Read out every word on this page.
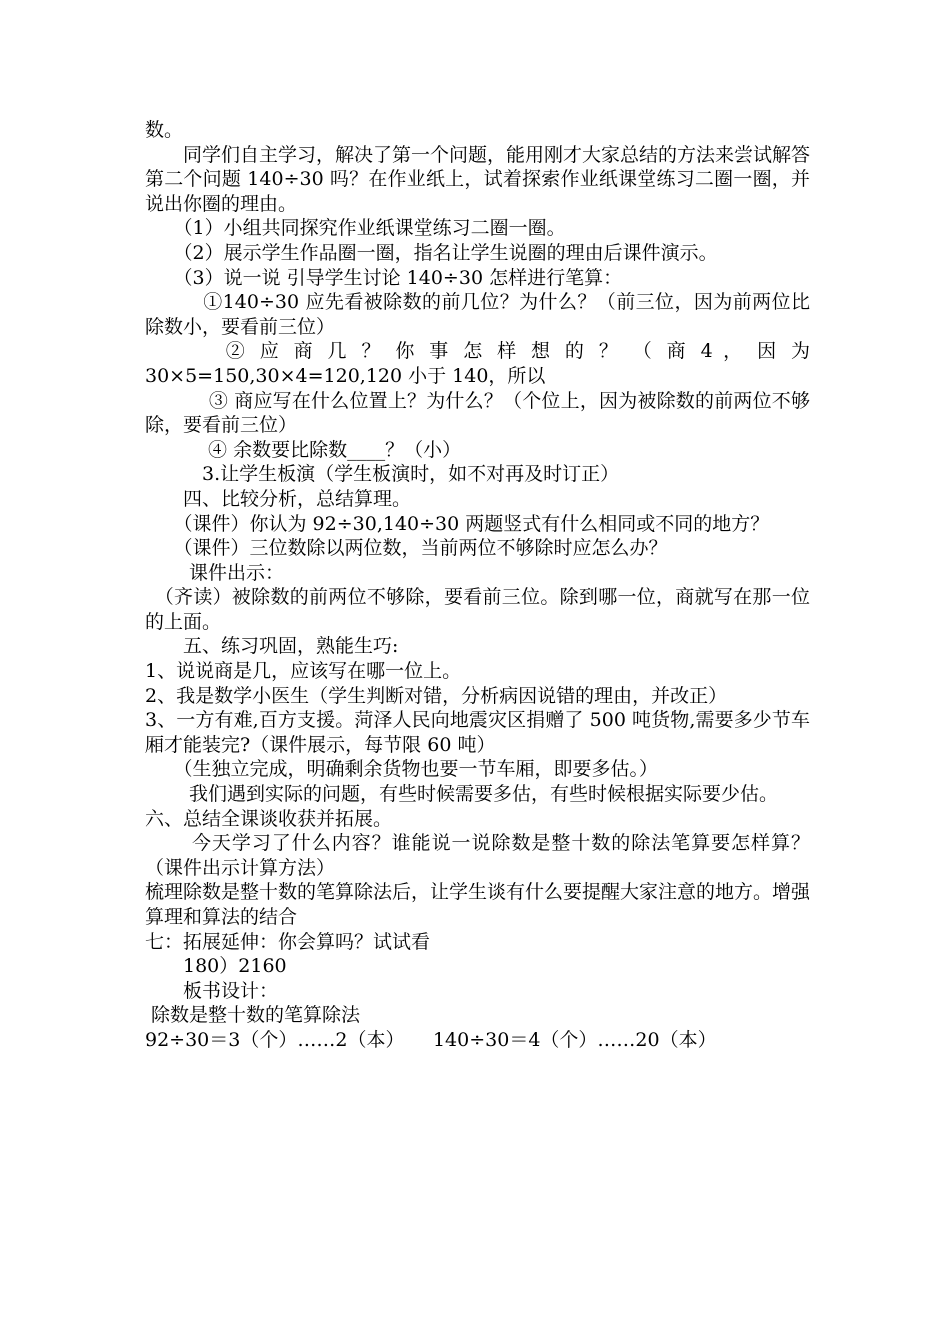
数。

　　同学们自主学习，解决了第一个问题，能用刚才大家总结的方法来尝试解答第二个问题 140÷30 吗？在作业纸上，试着探索作业纸课堂练习二圈一圈，并说出你圈的理由。

　　（1）小组共同探究作业纸课堂练习二圈一圈。

　　（2）展示学生作品圈一圈，指名让学生说圈的理由后课件演示。

　　（3）说一说 引导学生讨论 140÷30 怎样进行笔算：

　　　①140÷30 应先看被除数的前几位？为什么？（前三位，因为前两位比除数小，要看前三位）

　　　 ② 应 商 几 ？ 你 事 怎 样 想 的 ？ （ 商 4 ， 因 为

30×5=150,30×4=120,120 小于 140，所以

　　　 ③ 商应写在什么位置上？为什么？（个位上，因为被除数的前两位不够除，要看前三位）

　　　 ④ 余数要比除数____？（小）

　　　3.让学生板演（学生板演时，如不对再及时订正）

　　四、比较分析，总结算理。

　　（课件）你认为 92÷30,140÷30 两题竖式有什么相同或不同的地方？

　　（课件）三位数除以两位数，当前两位不够除时应怎么办？

　　 课件出示：

　（齐读）被除数的前两位不够除，要看前三位。除到哪一位，商就写在那一位的上面。

　　五、练习巩固，熟能生巧:

1、说说商是几，应该写在哪一位上。

2、我是数学小医生（学生判断对错，分析病因说错的理由，并改正）

3、一方有难,百方支援。菏泽人民向地震灾区捐赠了 500 吨货物,需要多少节车厢才能装完?（课件展示，每节限 60 吨）

　　（生独立完成，明确剩余货物也要一节车厢，即要多估。）

　　 我们遇到实际的问题，有些时候需要多估，有些时候根据实际要少估。

六、总结全课谈收获并拓展。

　　 今天学习了什么内容？谁能说一说除数是整十数的除法笔算要怎样算？（课件出示计算方法）

梳理除数是整十数的笔算除法后，让学生谈有什么要提醒大家注意的地方。增强算理和算法的结合

七：拓展延伸：你会算吗？试试看

　　180）2160

　　板书设计：

除数是整十数的笔算除法

92÷30＝3（个）……2（本）　　140÷30＝4（个）……20（本）
